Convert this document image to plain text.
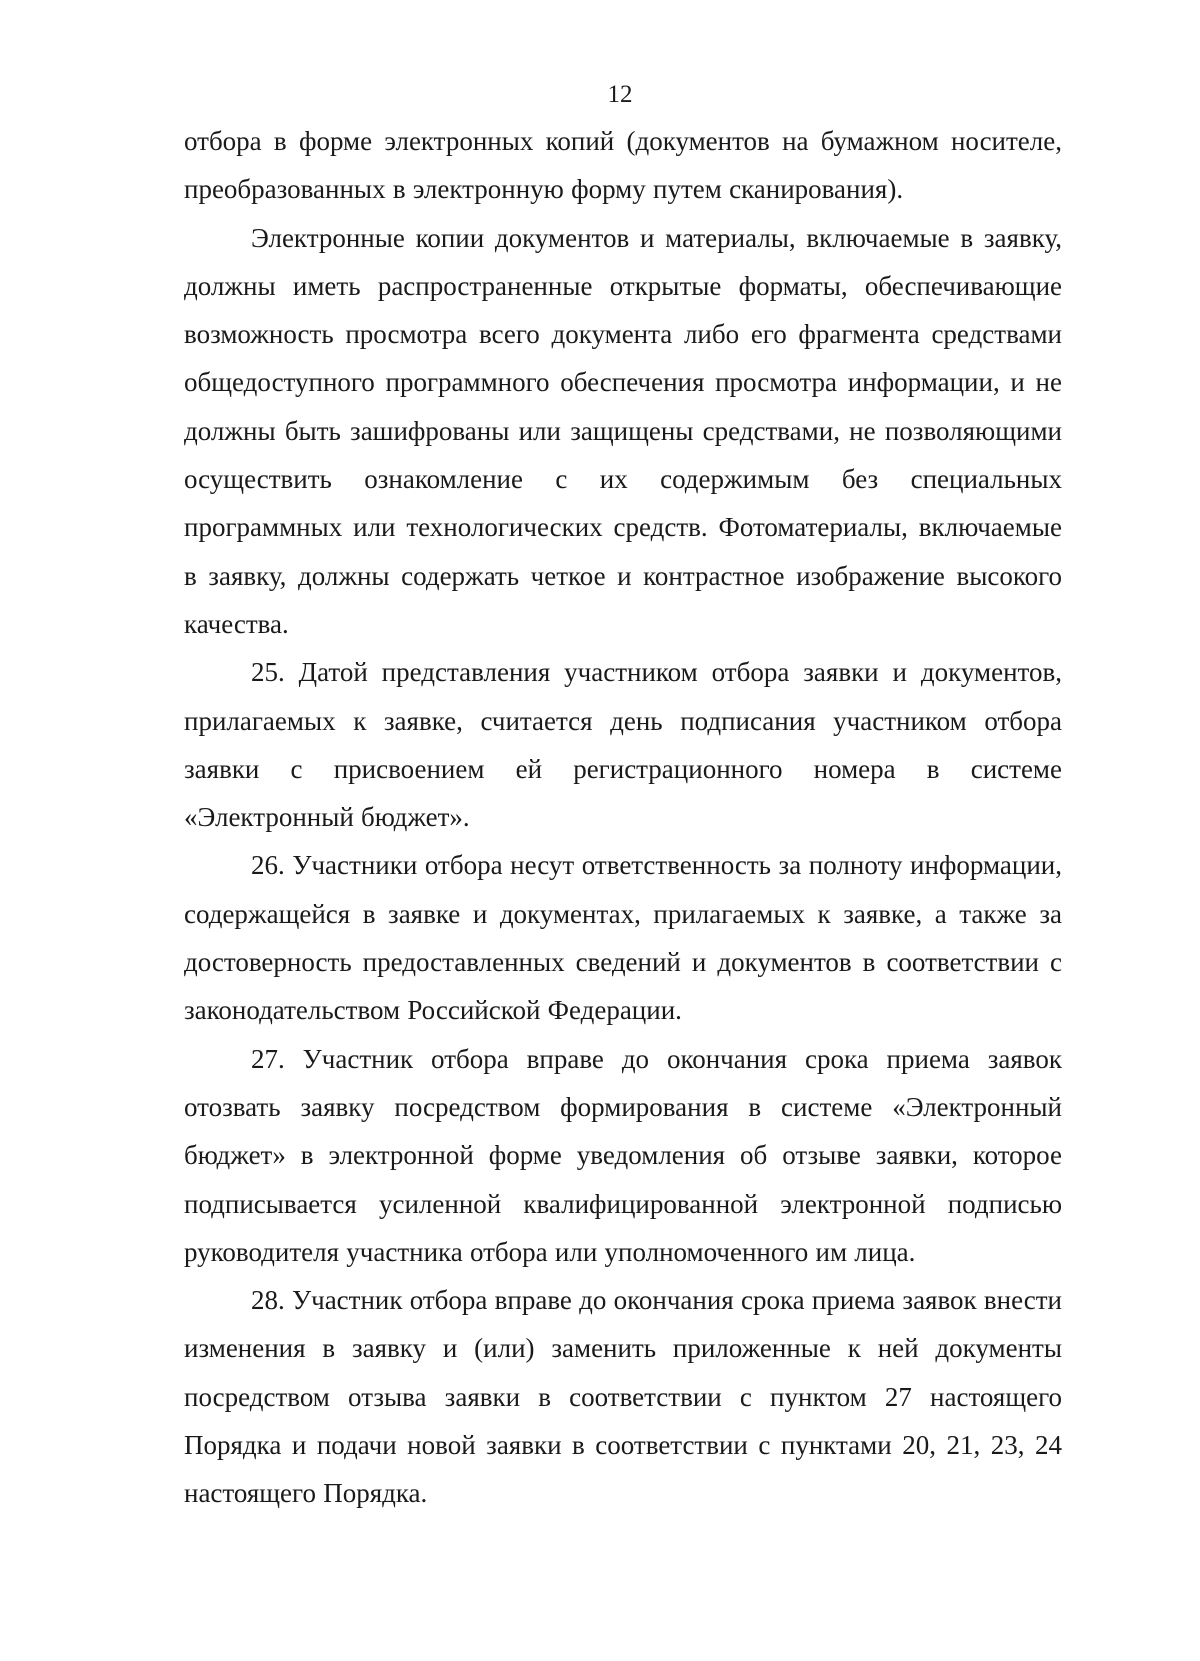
12

отбора в форме электронных копий (документов на бумажном носителе, преобразованных в электронную форму путем сканирования).

Электронные копии документов и материалы, включаемые в заявку, должны иметь распространенные открытые форматы, обеспечивающие возможность просмотра всего документа либо его фрагмента средствами общедоступного программного обеспечения просмотра информации, и не должны быть зашифрованы или защищены средствами, не позволяющими осуществить ознакомление с их содержимым без специальных программных или технологических средств. Фотоматериалы, включаемые в заявку, должны содержать четкое и контрастное изображение высокого качества.

25. Датой представления участником отбора заявки и документов, прилагаемых к заявке, считается день подписания участником отбора заявки с присвоением ей регистрационного номера в системе «Электронный бюджет».

26. Участники отбора несут ответственность за полноту информации, содержащейся в заявке и документах, прилагаемых к заявке, а также за достоверность предоставленных сведений и документов в соответствии с законодательством Российской Федерации.

27. Участник отбора вправе до окончания срока приема заявок отозвать заявку посредством формирования в системе «Электронный бюджет» в электронной форме уведомления об отзыве заявки, которое подписывается усиленной квалифицированной электронной подписью руководителя участника отбора или уполномоченного им лица.

28. Участник отбора вправе до окончания срока приема заявок внести изменения в заявку и (или) заменить приложенные к ней документы посредством отзыва заявки в соответствии с пунктом 27 настоящего Порядка и подачи новой заявки в соответствии с пунктами 20, 21, 23, 24 настоящего Порядка.
